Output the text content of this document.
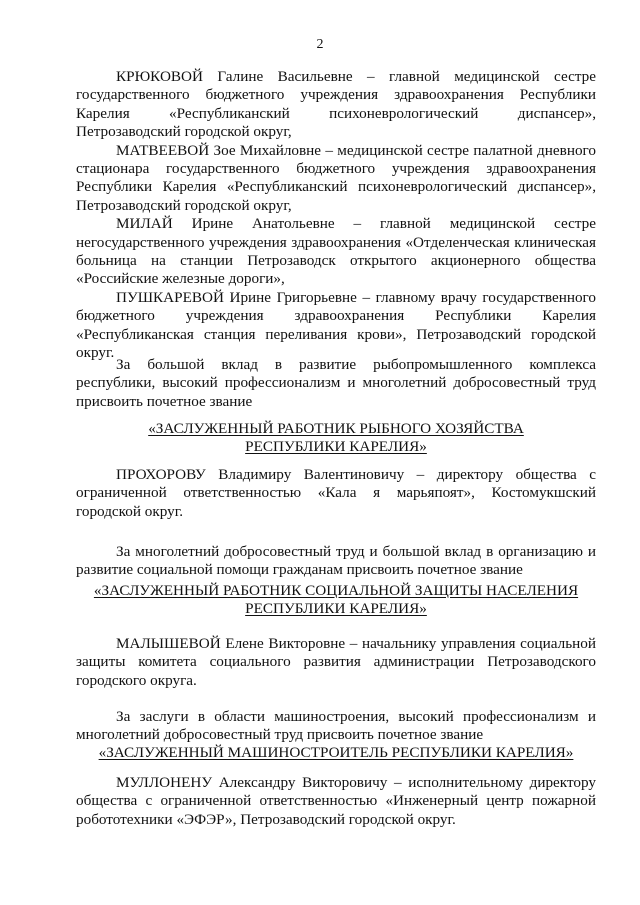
2

КРЮКОВОЙ Галине Васильевне – главной медицинской сестре государственного бюджетного учреждения здравоохранения Республики Карелия «Республиканский психоневрологический диспансер», Петрозаводский городской округ,

МАТВЕЕВОЙ Зое Михайловне – медицинской сестре палатной дневного стационара государственного бюджетного учреждения здравоохранения Республики Карелия «Республиканский психоневрологический диспансер», Петрозаводский городской округ,

МИЛАЙ Ирине Анатольевне – главной медицинской сестре негосударственного учреждения здравоохранения «Отделенческая клиническая больница на станции Петрозаводск открытого акционерного общества «Российские железные дороги»,

ПУШКАРЕВОЙ Ирине Григорьевне – главному врачу государственного бюджетного учреждения здравоохранения Республики Карелия «Республиканская станция переливания крови», Петрозаводский городской округ.

За большой вклад в развитие рыбопромышленного комплекса республики, высокий профессионализм и многолетний добросовестный труд присвоить почетное звание

«ЗАСЛУЖЕННЫЙ РАБОТНИК РЫБНОГО ХОЗЯЙСТВА
РЕСПУБЛИКИ КАРЕЛИЯ»

ПРОХОРОВУ Владимиру Валентиновичу – директору общества с ограниченной ответственностью «Кала я марьяпоят», Костомукшский городской округ.

За многолетний добросовестный труд и большой вклад в организацию и развитие социальной помощи гражданам присвоить почетное звание

«ЗАСЛУЖЕННЫЙ РАБОТНИК СОЦИАЛЬНОЙ ЗАЩИТЫ НАСЕЛЕНИЯ
РЕСПУБЛИКИ КАРЕЛИЯ»

МАЛЫШЕВОЙ Елене Викторовне – начальнику управления социальной защиты комитета социального развития администрации Петрозаводского городского округа.

За заслуги в области машиностроения, высокий профессионализм и многолетний добросовестный труд присвоить почетное звание

«ЗАСЛУЖЕННЫЙ МАШИНОСТРОИТЕЛЬ РЕСПУБЛИКИ КАРЕЛИЯ»

МУЛЛОНЕНУ Александру Викторовичу – исполнительному директору общества с ограниченной ответственностью «Инженерный центр пожарной робототехники «ЭФЭР», Петрозаводский городской округ.
